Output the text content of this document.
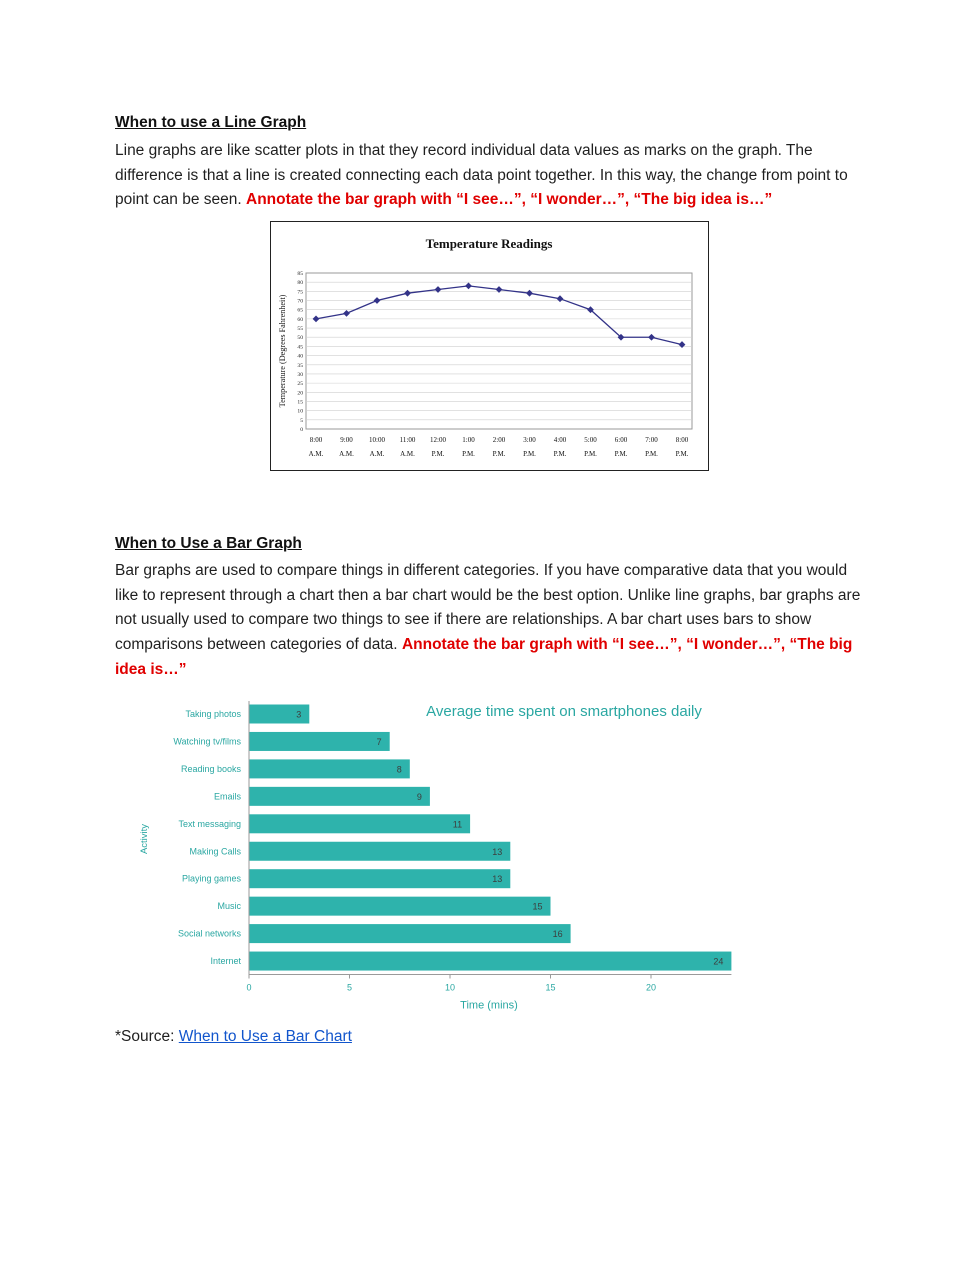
When to use a Line Graph

Line graphs are like scatter plots in that they record individual data values as marks on the graph. The difference is that a line is created connecting each data point together. In this way, the change from point to point can be seen. Annotate the bar graph with “I see…”, “I wonder…”, “The big idea is…”

Temperature Readings
0
5
10
15
20
25
30
35
40
45
50
55
60
65
70
75
80
85
8:00
A.M.
9:00
A.M.
10:00
A.M.
11:00
A.M.
12:00
P.M.
1:00
P.M.
2:00
P.M.
3:00
P.M.
4:00
P.M.
5:00
P.M.
6:00
P.M.
7:00
P.M.
8:00
P.M.
Temperature (Degrees Fahrenheit)
When to Use a Bar Graph

Bar graphs are used to compare things in different categories. If you have comparative data that you would like to represent through a chart then a bar chart would be the best option. Unlike line graphs, bar graphs are not usually used to compare two things to see if there are relationships. A bar chart uses bars to show comparisons between categories of data. Annotate the bar graph with “I see…”, “I wonder…”, “The big idea is…”

Average time spent on smartphones daily
Taking photos	3
Watching tv/films	7
Reading books	8
Emails	9
Text messaging	11
Making Calls	13
Playing games	13
Music	15
Social networks	16
Internet	24
0	5	10	15	20
Time (mins)
Activity

*Source: When to Use a Bar Chart
